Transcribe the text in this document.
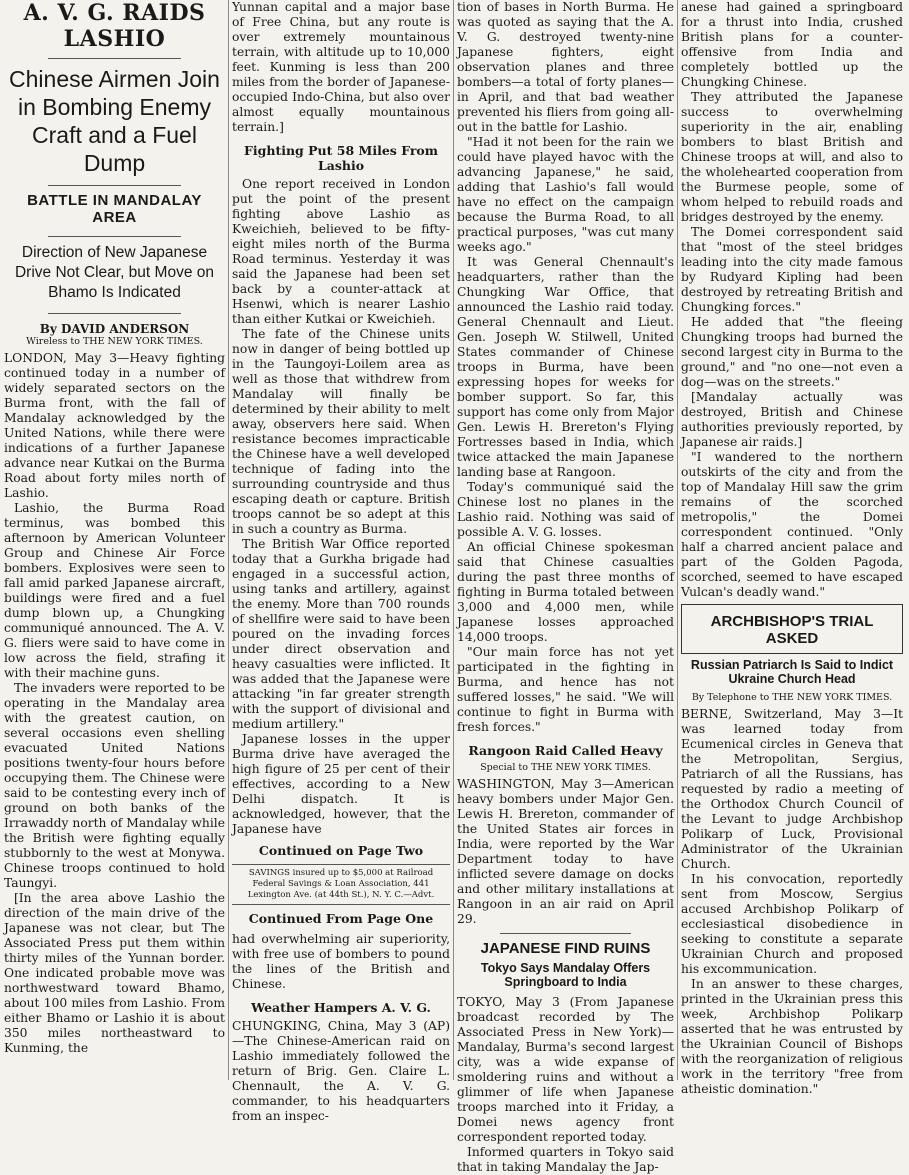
A. V. G. RAIDS LASHIO
Chinese Airmen Join in Bombing Enemy Craft and a Fuel Dump
BATTLE IN MANDALAY AREA
Direction of New Japanese Drive Not Clear, but Move on Bhamo Is Indicated
By DAVID ANDERSON
Wireless to THE NEW YORK TIMES.

LONDON, May 3—Heavy fighting continued today in a number of widely separated sectors on the Burma front, with the fall of Mandalay acknowledged by the United Nations, while there were indications of a further Japanese advance near Kutkai on the Burma Road about forty miles north of Lashio.

Lashio, the Burma Road terminus, was bombed this afternoon by American Volunteer Group and Chinese Air Force bombers. Explosives were seen to fall amid parked Japanese aircraft, buildings were fired and a fuel dump blown up, a Chungking communiqué announced. The A. V. G. fliers were said to have come in low across the field, strafing it with their machine guns.

The invaders were reported to be operating in the Mandalay area with the greatest caution, on several occasions even shelling evacuated United Nations positions twenty-four hours before occupying them. The Chinese were said to be contesting every inch of ground on both banks of the Irrawaddy north of Mandalay while the British were fighting equally stubbornly to the west at Monywa. Chinese troops continued to hold Taungyi.

[In the area above Lashio the direction of the main drive of the Japanese was not clear, but The Associated Press put them within thirty miles of the Yunnan border. One indicated probable move was northwestward toward Bhamo, about 100 miles from Lashio. From either Bhamo or Lashio it is about 350 miles northeastward to Kunming, the

Yunnan capital and a major base of Free China, but any route is over extremely mountainous terrain, with altitude up to 10,000 feet. Kunming is less than 200 miles from the border of Japanese-occupied Indo-China, but also over almost equally mountainous terrain.]

Fighting Put 58 Miles From Lashio

One report received in London put the point of the present fighting above Lashio as Kweichieh, believed to be fifty-eight miles north of the Burma Road terminus. Yesterday it was said the Japanese had been set back by a counter-attack at Hsenwi, which is nearer Lashio than either Kutkai or Kweichieh.

The fate of the Chinese units now in danger of being bottled up in the Taungoyi-Loilem area as well as those that withdrew from Mandalay will finally be determined by their ability to melt away, observers here said. When resistance becomes impracticable the Chinese have a well developed technique of fading into the surrounding countryside and thus escaping death or capture. British troops cannot be so adept at this in such a country as Burma.

The British War Office reported today that a Gurkha brigade had engaged in a successful action, using tanks and artillery, against the enemy. More than 700 rounds of shellfire were said to have been poured on the invading forces under direct observation and heavy casualties were inflicted. It was added that the Japanese were attacking "in far greater strength with the support of divisional and medium artillery."

Japanese losses in the upper Burma drive have averaged the high figure of 25 per cent of their effectives, according to a New Delhi dispatch. It is acknowledged, however, that the Japanese have

Continued on Page Two
SAVINGS insured up to $5,000 at Railroad Federal Savings & Loan Association, 441 Lexington Ave. (at 44th St.), N. Y. C.—Advt.
Continued From Page One

had overwhelming air superiority, with free use of bombers to pound the lines of the British and Chinese.

Weather Hampers A. V. G.

CHUNGKING, China, May 3 (AP)—The Chinese-American raid on Lashio immediately followed the return of Brig. Gen. Claire L. Chennault, the A. V. G. commander, to his headquarters from an inspec-

tion of bases in North Burma. He was quoted as saying that the A. V. G. destroyed twenty-nine Japanese fighters, eight observation planes and three bombers—a total of forty planes—in April, and that bad weather prevented his fliers from going all-out in the battle for Lashio.

"Had it not been for the rain we could have played havoc with the advancing Japanese," he said, adding that Lashio's fall would have no effect on the campaign because the Burma Road, to all practical purposes, "was cut many weeks ago."

It was General Chennault's headquarters, rather than the Chungking War Office, that announced the Lashio raid today. General Chennault and Lieut. Gen. Joseph W. Stilwell, United States commander of Chinese troops in Burma, have been expressing hopes for weeks for bomber support. So far, this support has come only from Major Gen. Lewis H. Brereton's Flying Fortresses based in India, which twice attacked the main Japanese landing base at Rangoon.

Today's communiqué said the Chinese lost no planes in the Lashio raid. Nothing was said of possible A. V. G. losses.

An official Chinese spokesman said that Chinese casualties during the past three months of fighting in Burma totaled between 3,000 and 4,000 men, while Japanese losses approached 14,000 troops.

"Our main force has not yet participated in the fighting in Burma, and hence has not suffered losses," he said. "We will continue to fight in Burma with fresh forces."

Rangoon Raid Called Heavy
Special to THE NEW YORK TIMES.

WASHINGTON, May 3—American heavy bombers under Major Gen. Lewis H. Brereton, commander of the United States air forces in India, were reported by the War Department today to have inflicted severe damage on docks and other military installations at Rangoon in an air raid on April 29.

JAPANESE FIND RUINS
Tokyo Says Mandalay Offers Springboard to India

TOKYO, May 3 (From Japanese broadcast recorded by The Associated Press in New York)—Mandalay, Burma's second largest city, was a wide expanse of smoldering ruins and without a glimmer of life when Japanese troops marched into it Friday, a Domei news agency front correspondent reported today.

Informed quarters in Tokyo said that in taking Mandalay the Jap-

anese had gained a springboard for a thrust into India, crushed British plans for a counter-offensive from India and completely bottled up the Chungking Chinese.

They attributed the Japanese success to overwhelming superiority in the air, enabling bombers to blast British and Chinese troops at will, and also to the wholehearted cooperation from the Burmese people, some of whom helped to rebuild roads and bridges destroyed by the enemy.

The Domei correspondent said that "most of the steel bridges leading into the city made famous by Rudyard Kipling had been destroyed by retreating British and Chungking forces."

He added that "the fleeing Chungking troops had burned the second largest city in Burma to the ground," and "no one—not even a dog—was on the streets."

[Mandalay actually was destroyed, British and Chinese authorities previously reported, by Japanese air raids.]

"I wandered to the northern outskirts of the city and from the top of Mandalay Hill saw the grim remains of the scorched metropolis," the Domei correspondent continued. "Only half a charred ancient palace and part of the Golden Pagoda, scorched, seemed to have escaped Vulcan's deadly wand."

ARCHBISHOP'S TRIAL ASKED
Russian Patriarch Is Said to Indict Ukraine Church Head
By Telephone to THE NEW YORK TIMES.

BERNE, Switzerland, May 3—It was learned today from Ecumenical circles in Geneva that the Metropolitan, Sergius, Patriarch of all the Russians, has requested by radio a meeting of the Orthodox Church Council of the Levant to judge Archbishop Polikarp of Luck, Provisional Administrator of the Ukrainian Church.

In his convocation, reportedly sent from Moscow, Sergius accused Archbishop Polikarp of ecclesiastical disobedience in seeking to constitute a separate Ukrainian Church and proposed his excommunication.

In an answer to these charges, printed in the Ukrainian press this week, Archbishop Polikarp asserted that he was entrusted by the Ukrainian Council of Bishops with the reorganization of religious work in the territory "free from atheistic domination."
